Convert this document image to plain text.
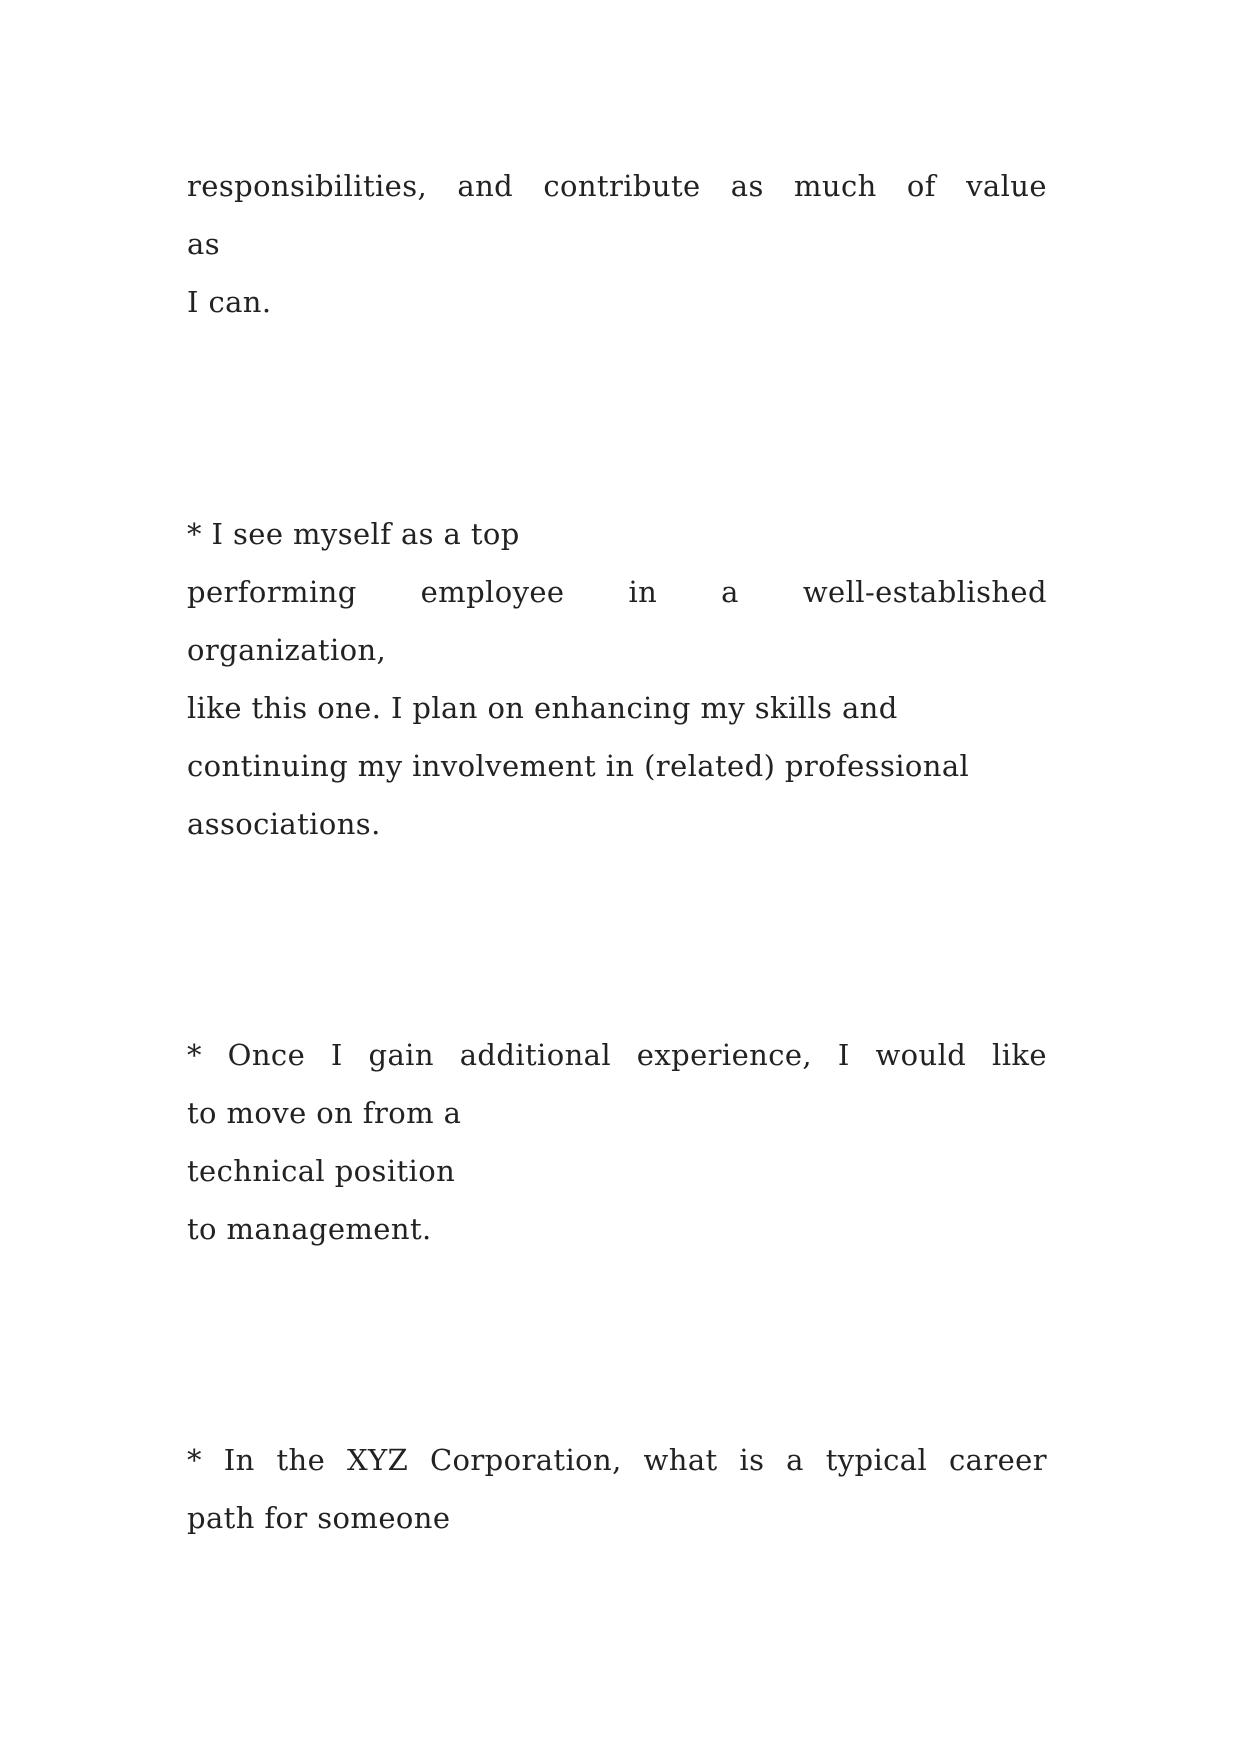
responsibilities, and contribute as much of value
as
I can.
* I see myself as a top
performing employee in a well-established
organization,
like this one. I plan on enhancing my skills and
continuing my involvement in (related) professional
associations.
* Once I gain additional experience, I would like
to move on from a
technical position
to management.
* In the XYZ Corporation, what is a typical career
path for someone
